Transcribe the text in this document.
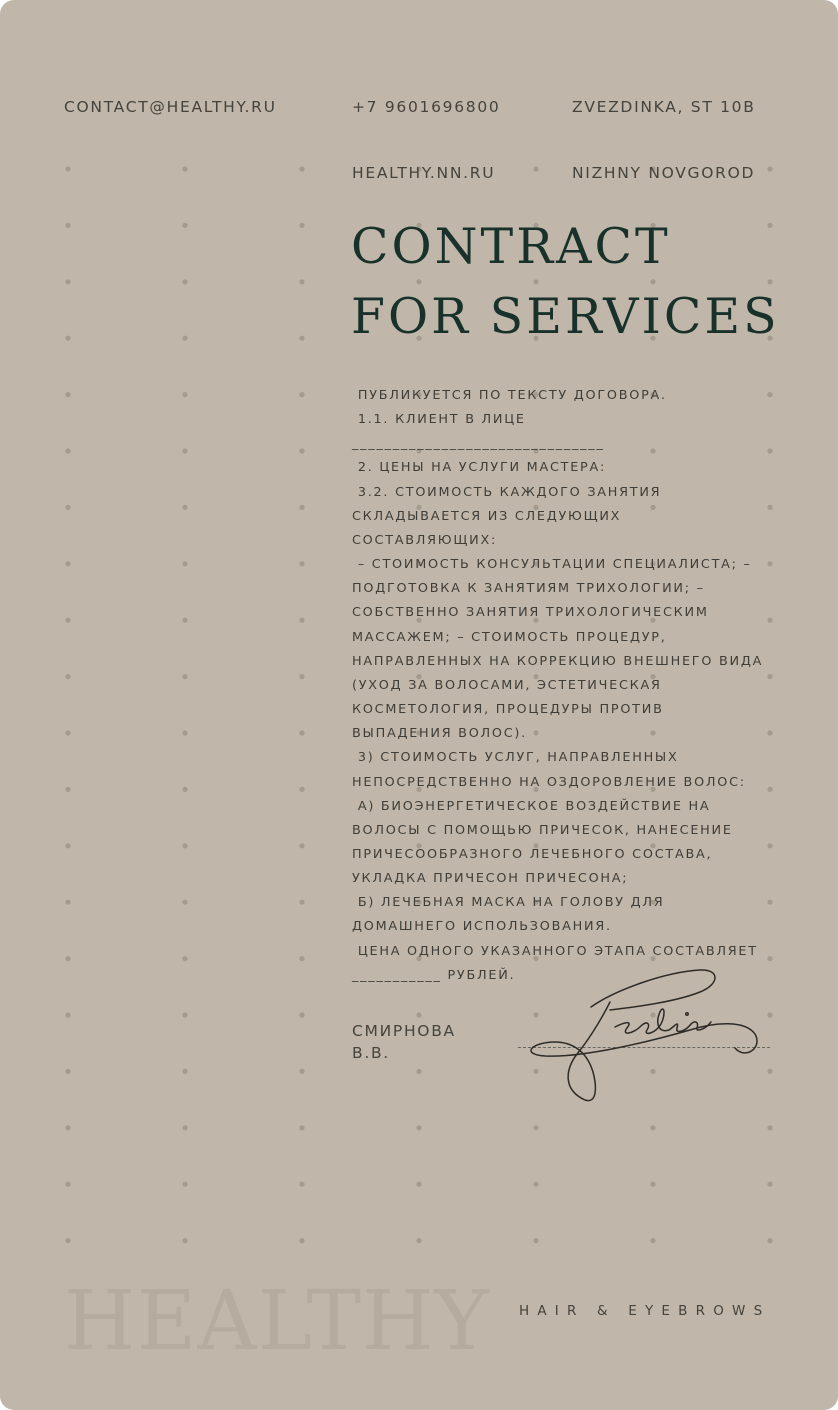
CONTACT@HEALTHY.RU

	+7 9601696800

HEALTHY.NN.RU

ZVEZDINKA, ST 10B

NIZHNY NOVGOROD

CONTRACT
FOR SERVICES
ПУБЛИКУЕТСЯ ПО ТЕКСТУ ДОГОВОРА.
1.1. КЛИЕНТ В ЛИЦЕ _______________________________
2. ЦЕНЫ НА УСЛУГИ МАСТЕРА:
3.2. СТОИМОСТЬ КАЖДОГО ЗАНЯТИЯ
СКЛАДЫВАЕТСЯ ИЗ СЛЕДУЮЩИХ
СОСТАВЛЯЮЩИХ:
– СТОИМОСТЬ КОНСУЛЬТАЦИИ СПЕЦИАЛИСТА; –
ПОДГОТОВКА К ЗАНЯТИЯМ ТРИХОЛОГИИ; –
СОБСТВЕННО ЗАНЯТИЯ ТРИХОЛОГИЧЕСКИМ
МАССАЖЕМ; – СТОИМОСТЬ ПРОЦЕДУР,
НАПРАВЛЕННЫХ НА КОРРЕКЦИЮ ВНЕШНЕГО ВИДА
(УХОД ЗА ВОЛОСАМИ, ЭСТЕТИЧЕСКАЯ
КОСМЕТОЛОГИЯ, ПРОЦЕДУРЫ ПРОТИВ
ВЫПАДЕНИЯ ВОЛОС).
3) СТОИМОСТЬ УСЛУГ, НАПРАВЛЕННЫХ
НЕПОСРЕДСТВЕННО НА ОЗДОРОВЛЕНИЕ ВОЛОС:
А) БИОЭНЕРГЕТИЧЕСКОЕ ВОЗДЕЙСТВИЕ НА
ВОЛОСЫ С ПОМОЩЬЮ ПРИЧЕСОК, НАНЕСЕНИЕ
ПРИЧЕСООБРАЗНОГО ЛЕЧЕБНОГО СОСТАВА,
УКЛАДКА ПРИЧЕСОН ПРИЧЕСОНА;
Б) ЛЕЧЕБНАЯ МАСКА НА ГОЛОВУ ДЛЯ
ДОМАШНЕГО ИСПОЛЬЗОВАНИЯ.
ЦЕНА ОДНОГО УКАЗАННОГО ЭТАПА СОСТАВЛЯЕТ
___________ РУБЛЕЙ.
СМИРНОВА
В.В.
HEALTHY HAIR & EYEBROWS
